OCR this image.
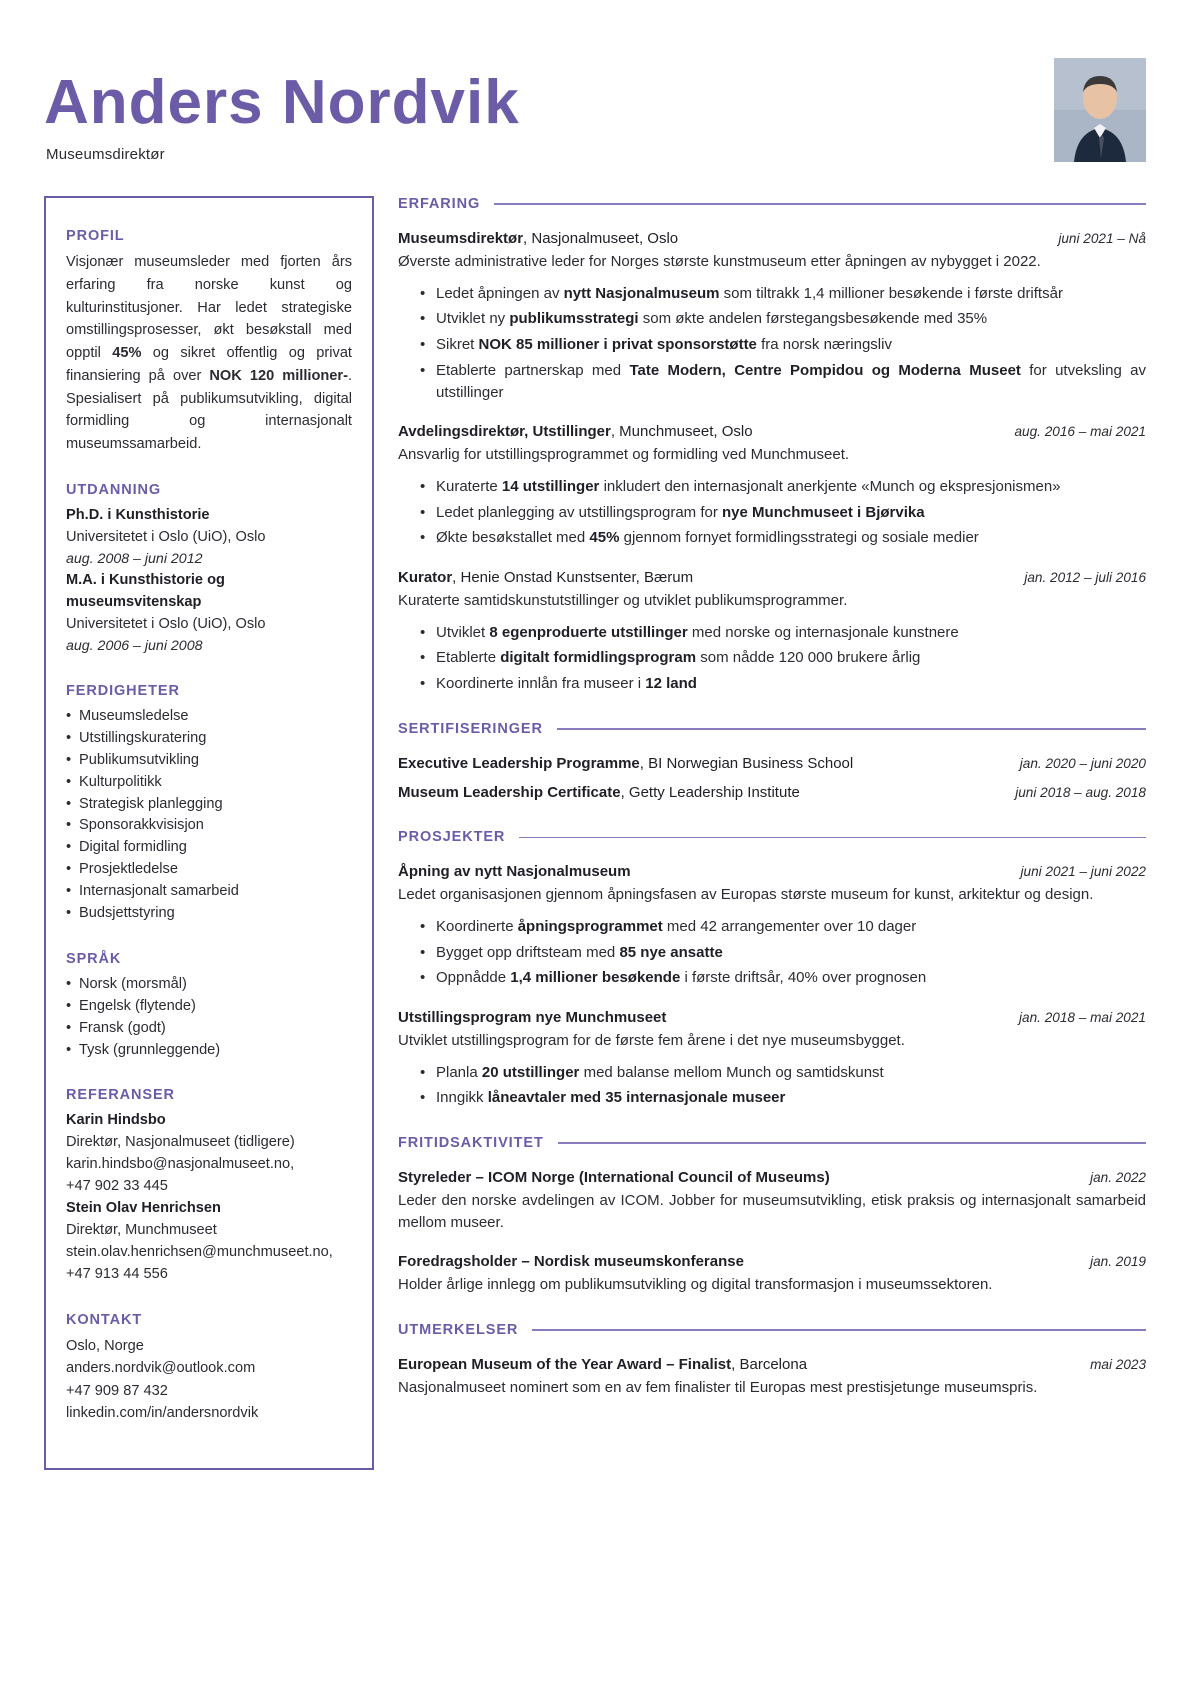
Anders Nordvik
Museumsdirektør
PROFIL
Visjonær museumsleder med fjorten års erfaring fra norske kunst og kulturinstitusjoner. Har ledet strategiske omstillingsprosesser, økt besøkstall med opptil 45% og sikret offentlig og privat finansiering på over NOK 120 millioner-. Spesialisert på publikumsutvikling, digital formidling og internasjonalt museumssamarbeid.
UTDANNING
Ph.D. i Kunsthistorie
Universitetet i Oslo (UiO), Oslo
aug. 2008 – juni 2012
M.A. i Kunsthistorie og museumsvitenskap
Universitetet i Oslo (UiO), Oslo
aug. 2006 – juni 2008
FERDIGHETER
• Museumsledelse
• Utstillingskuratering
• Publikumsutvikling
• Kulturpolitikk
• Strategisk planlegging
• Sponsorakkvisisjon
• Digital formidling
• Prosjektledelse
• Internasjonalt samarbeid
• Budsjettstyring
SPRÅK
• Norsk (morsmål)
• Engelsk (flytende)
• Fransk (godt)
• Tysk (grunnleggende)
REFERANSER
Karin Hindsbo
Direktør, Nasjonalmuseet (tidligere)
karin.hindsbo@nasjonalmuseet.no,
+47 902 33 445
Stein Olav Henrichsen
Direktør, Munchmuseet
stein.olav.henrichsen@munchmuseet.no,
+47 913 44 556
KONTAKT
Oslo, Norge
anders.nordvik@outlook.com
+47 909 87 432
linkedin.com/in/andersnordvik
ERFARING
Museumsdirektør, Nasjonalmuseet, Oslo	juni 2021 – Nå
Øverste administrative leder for Norges største kunstmuseum etter åpningen av nybygget i 2022.
• Ledet åpningen av nytt Nasjonalmuseum som tiltrakk 1,4 millioner besøkende i første driftsår
• Utviklet ny publikumsstrategi som økte andelen førstegangsbesøkende med 35%
• Sikret NOK 85 millioner i privat sponsorstøtte fra norsk næringsliv
• Etablerte partnerskap med Tate Modern, Centre Pompidou og Moderna Museet for utveksling av utstillinger
Avdelingsdirektør, Utstillinger, Munchmuseet, Oslo	aug. 2016 – mai 2021
Ansvarlig for utstillingsprogrammet og formidling ved Munchmuseet.
• Kuraterte 14 utstillinger inkludert den internasjonalt anerkjente «Munch og ekspresjonismen»
• Ledet planlegging av utstillingsprogram for nye Munchmuseet i Bjørvika
• Økte besøkstallet med 45% gjennom fornyet formidlingsstrategi og sosiale medier
Kurator, Henie Onstad Kunstsenter, Bærum	jan. 2012 – juli 2016
Kuraterte samtidskunstutstillinger og utviklet publikumsprogrammer.
• Utviklet 8 egenproduerte utstillinger med norske og internasjonale kunstnere
• Etablerte digitalt formidlingsprogram som nådde 120 000 brukere årlig
• Koordinerte innlån fra museer i 12 land
SERTIFISERINGER
Executive Leadership Programme, BI Norwegian Business School	jan. 2020 – juni 2020
Museum Leadership Certificate, Getty Leadership Institute	juni 2018 – aug. 2018
PROSJEKTER
Åpning av nytt Nasjonalmuseum	juni 2021 – juni 2022
Ledet organisasjonen gjennom åpningsfasen av Europas største museum for kunst, arkitektur og design.
• Koordinerte åpningsprogrammet med 42 arrangementer over 10 dager
• Bygget opp driftsteam med 85 nye ansatte
• Oppnådde 1,4 millioner besøkende i første driftsår, 40% over prognosen
Utstillingsprogram nye Munchmuseet	jan. 2018 – mai 2021
Utviklet utstillingsprogram for de første fem årene i det nye museumsbygget.
• Planla 20 utstillinger med balanse mellom Munch og samtidskunst
• Inngikk låneavtaler med 35 internasjonale museer
FRITIDSAKTIVITET
Styreleder – ICOM Norge (International Council of Museums)	jan. 2022
Leder den norske avdelingen av ICOM. Jobber for museumsutvikling, etisk praksis og internasjonalt samarbeid mellom museer.
Foredragsholder – Nordisk museumskonferanse	jan. 2019
Holder årlige innlegg om publikumsutvikling og digital transformasjon i museumssektoren.
UTMERKELSER
European Museum of the Year Award – Finalist, Barcelona	mai 2023
Nasjonalmuseet nominert som en av fem finalister til Europas mest prestisjetunge museumspris.
